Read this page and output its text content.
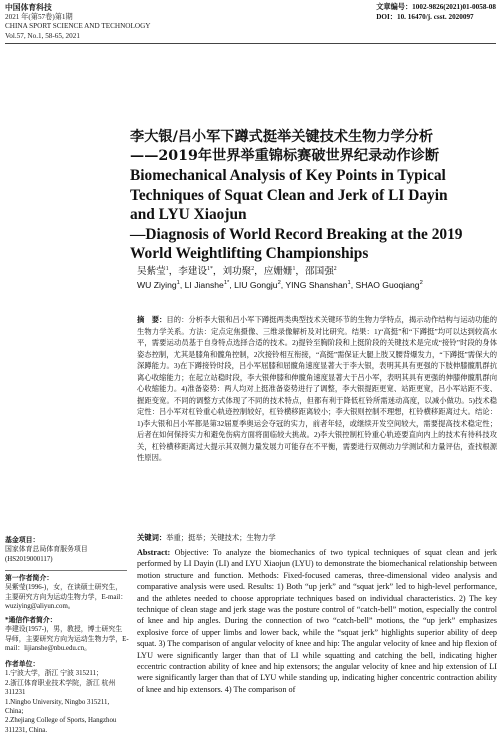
中国体育科技
2021 年(第57卷)第1期
CHINA SPORT SCIENCE AND TECHNOLOGY
Vol.57, No.1, 58-65, 2021
文章编号：1002-9826(2021)01-0058-08
DOI：10. 16470/j. csst. 2020097
李大银/吕小军下蹲式挺举关键技术生物力学分析
——2019年世界举重锦标赛破世界纪录动作诊断
Biomechanical Analysis of Key Points in Typical
Techniques of Squat Clean and Jerk of LI Dayin
and LYU Xiaojun
—Diagnosis of World Record Breaking at the 2019
World Weightlifting Championships
吴紫莹$^1$，李建设$^{1*}$，刘功聚$^2$，应姗姗$^1$，邵国强$^2$
WU Ziying$^1$, LI Jianshe$^{1*}$, LIU Gongju$^2$, YING Shanshan$^1$, SHAO Guoqiang$^2$
摘　要：目的：分析李大银和吕小军下蹲挺两类典型技术关键环节的生物力学特点，揭示动作结构与运动功能的生物力学关系。方法：定点定焦摄像、三维录像解析及对比研究。结果：1)“高挺”和“下蹲挺”均可以达到较高水平，需要运动员基于自身特点选择合适的技术。2)提铃至胸阶段和上挺阶段的关键技术是完成“接铃”时段的身体姿态控制，尤其是膝角和髋角控制，2次接铃相互衔接，“高挺”需保证大腿上肢又腰背爆发力，“下蹲挺”需保大的深蹲能力。3)在下蹲接铃时段，吕小军屈膝和屈髋角速度显著大于李大银，表明其具有更强的下肢伸膝髋肌群抗离心收缩能力；在起立站稳时段，李大银伸膝和伸髋角速度显著大于吕小军，表明其具有更强的伸膝伸髋肌群向心收缩能力。4)准备姿势：两人均对上挺准备姿势进行了调整，李大银提距更宽、站距更宽，吕小军站距不变、握距变宽。不同的调整方式体现了不同的技术特点，但都有利于降低杠铃所需迷动高度，以减小做功。5)技术稳定性：吕小军对杠铃重心轨迹控制较好，杠铃横移距离较小；李大银则控制不理想，杠铃横移距离过大。结论：1)李大银和吕小军都是第32届夏季奥运会夺冠的实力，前者年轻，或继续开发空间较大，需要提高技术稳定性；后者在如何保持实力和避免伤病方面将面临较大挑战。2)李大银控制杠铃重心轨迹要直向内上的技术有待科技攻关，杠铃横移距离过大提示其双侧力量发展力可能存在不平衡，需要进行双侧动力学测试和力量评估，查找根源性原因。
关键词：举重；挺举；关键技术；生物力学
Abstract: Objective: To analyze the biomechanics of two typical techniques of squat clean and jerk performed by LI Dayin (LI) and LYU Xiaojun (LYU) to demonstrate the biomechanical relationship between motion structure and function. Methods: Fixed-focused cameras, three-dimensional video analysis and comparative analysis were used. Results: 1) Both “up jerk” and “squat jerk” led to high-level performance, and the athletes needed to choose appropriate techniques based on individual characteristics. 2) The key technique of clean stage and jerk stage was the posture control of “catch-bell” motion, especially the control of knee and hip angles. During the connection of two “catch-bell” motions, the “up jerk” emphasizes explosive force of upper limbs and lower back, while the “squat jerk” highlights superior ability of deep squat. 3) The comparison of angular velocity of knee and hip: The angular velocity of knee and hip flexion of LYU were significantly larger than that of LI while squatting and catching the bell, indicating higher eccentric contraction ability of knee and hip extensors; the angular velocity of knee and hip extension of LI were significantly larger than that of LYU while standing up, indicating higher concentric contraction ability of knee and hip extensors. 4) The comparison of
基金项目：
国家体育总局体育服务项目(HS2019000117)
第一作者简介：
吴紫莹(1996-)，女，在读硕士研究生，主要研究方向为运动生物力学，E-mail：wuziying@aliyun.com。
*通信作者简介：
李建设(1957-)，男，教授，博士研究生导师，主要研究方向为运动生物力学，E-mail：lijianshe@nbu.edu.cn。
作者单位：
1.宁波大学，浙江 宁波 315211；
2.浙江体育职业技术学院，浙江 杭州 311231
1.Ningbo University, Ningbo 315211, China;
2.Zhejiang College of Sports, Hangzhou 311231, China.
